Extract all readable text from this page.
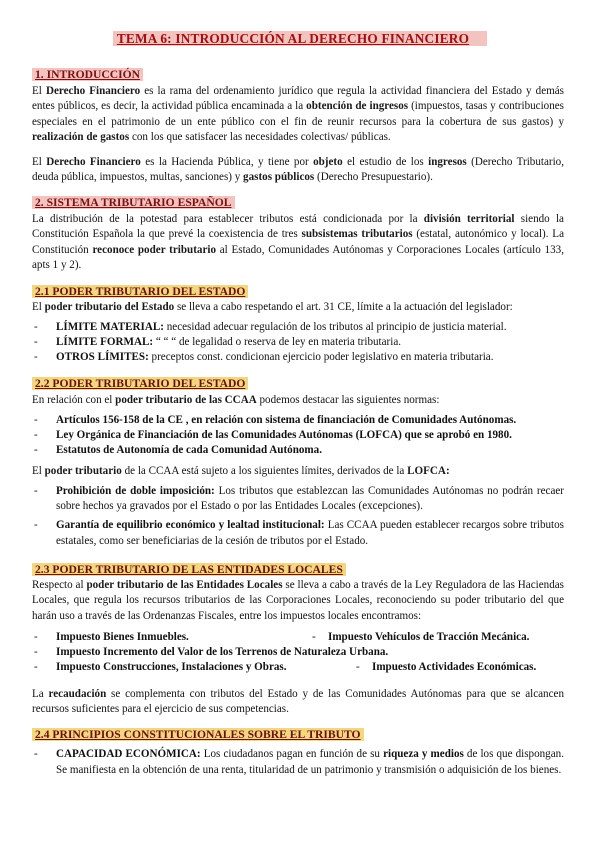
TEMA 6: INTRODUCCIÓN AL DERECHO FINANCIERO
1. INTRODUCCIÓN
El Derecho Financiero es la rama del ordenamiento jurídico que regula la actividad financiera del Estado y demás entes públicos, es decir, la actividad pública encaminada a la obtención de ingresos (impuestos, tasas y contribuciones especiales en el patrimonio de un ente público con el fin de reunir recursos para la cobertura de sus gastos) y realización de gastos con los que satisfacer las necesidades colectivas/ públicas.
El Derecho Financiero es la Hacienda Pública, y tiene por objeto el estudio de los ingresos (Derecho Tributario, deuda pública, impuestos, multas, sanciones) y gastos públicos (Derecho Presupuestario).
2. SISTEMA TRIBUTARIO ESPAÑOL
La distribución de la potestad para establecer tributos está condicionada por la división territorial siendo la Constitución Española la que prevé la coexistencia de tres subsistemas tributarios (estatal, autonómico y local). La Constitución reconoce poder tributario al Estado, Comunidades Autónomas y Corporaciones Locales (artículo 133, apts 1 y 2).
2.1 PODER TRIBUTARIO DEL ESTADO
El poder tributario del Estado se lleva a cabo respetando el art. 31 CE, límite a la actuación del legislador:
- LÍMITE MATERIAL: necesidad adecuar regulación de los tributos al principio de justicia material.
- LÍMITE FORMAL: “ “ “ de legalidad o reserva de ley en materia tributaria.
- OTROS LÍMITES: preceptos const. condicionan ejercicio poder legislativo en materia tributaria.
2.2 PODER TRIBUTARIO DEL ESTADO
En relación con el poder tributario de las CCAA podemos destacar las siguientes normas:
- Artículos 156-158 de la CE , en relación con sistema de financiación de Comunidades Autónomas.
- Ley Orgánica de Financiación de las Comunidades Autónomas (LOFCA) que se aprobó en 1980.
- Estatutos de Autonomía de cada Comunidad Autónoma.
El poder tributario de la CCAA está sujeto a los siguientes límites, derivados de la LOFCA:
- Prohibición de doble imposición: Los tributos que establezcan las Comunidades Autónomas no podrán recaer sobre hechos ya gravados por el Estado o por las Entidades Locales (excepciones).
- Garantía de equilibrio económico y lealtad institucional: Las CCAA pueden establecer recargos sobre tributos estatales, como ser beneficiarias de la cesión de tributos por el Estado.
2.3 PODER TRIBUTARIO DE LAS ENTIDADES LOCALES
Respecto al poder tributario de las Entidades Locales se lleva a cabo a través de la Ley Reguladora de las Haciendas Locales, que regula los recursos tributarios de las Corporaciones Locales, reconociendo su poder tributario del que harán uso a través de las Ordenanzas Fiscales, entre los impuestos locales encontramos:
- Impuesto Bienes Inmuebles.	- Impuesto Vehículos de Tracción Mecánica.
- Impuesto Incremento del Valor de los Terrenos de Naturaleza Urbana.
- Impuesto Construcciones, Instalaciones y Obras.	- Impuesto Actividades Económicas.
La recaudación se complementa con tributos del Estado y de las Comunidades Autónomas para que se alcancen recursos suficientes para el ejercicio de sus competencias.
2.4 PRINCIPIOS CONSTITUCIONALES SOBRE EL TRIBUTO
- CAPACIDAD ECONÓMICA: Los ciudadanos pagan en función de su riqueza y medios de los que dispongan. Se manifiesta en la obtención de una renta, titularidad de un patrimonio y transmisión o adquisición de los bienes.
